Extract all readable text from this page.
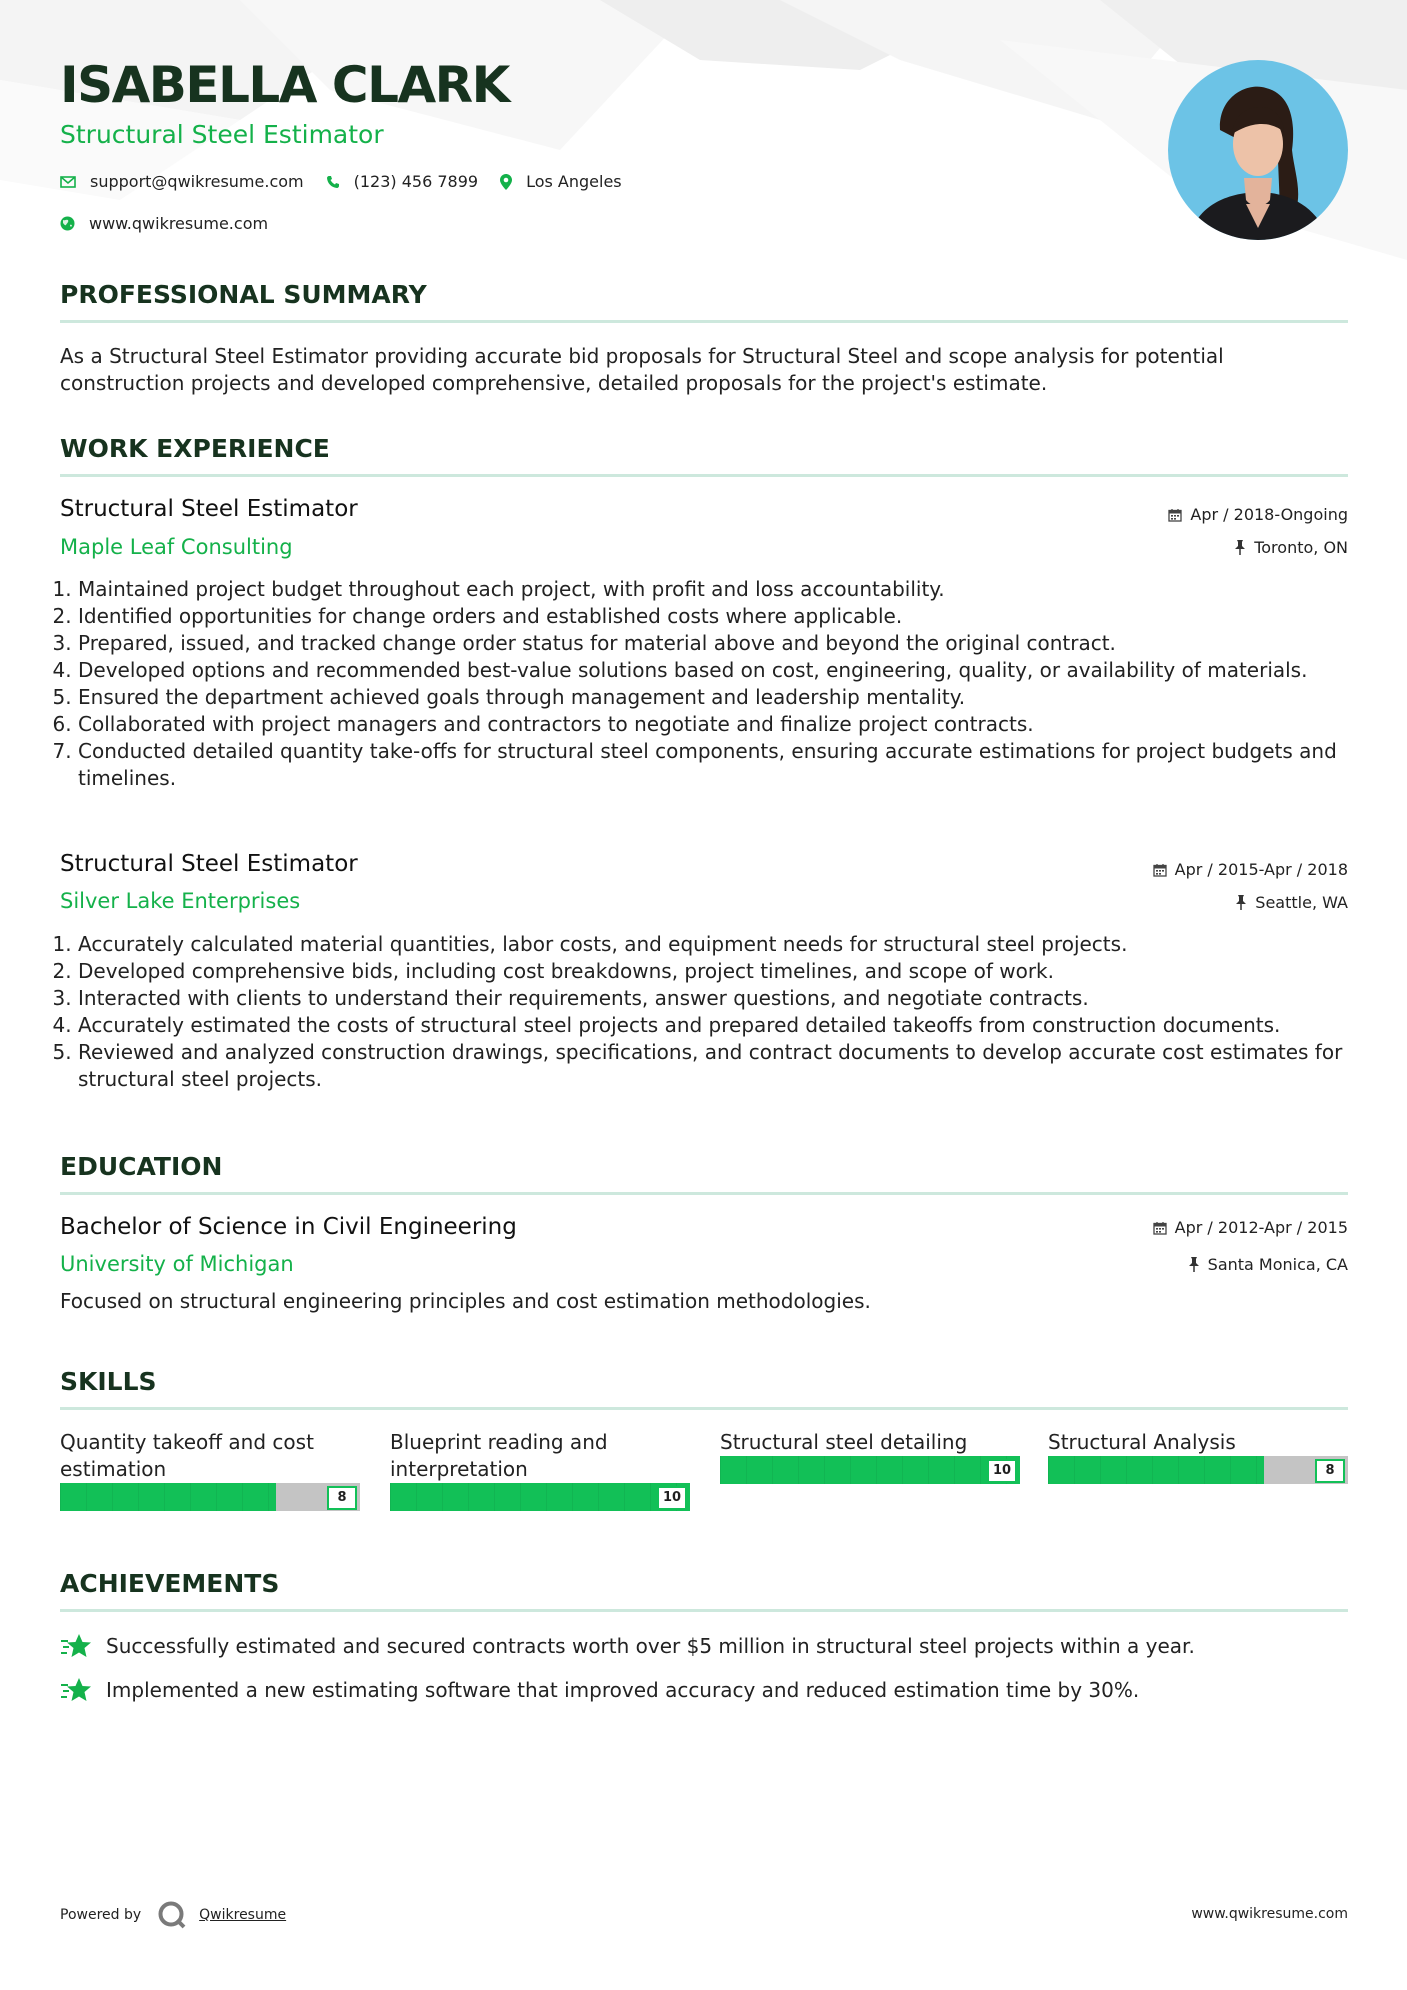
ISABELLA CLARK
Structural Steel Estimator
support@qwikresume.com	(123) 456 7899	Los Angeles
www.qwikresume.com
PROFESSIONAL SUMMARY

As a Structural Steel Estimator providing accurate bid proposals for Structural Steel and scope analysis for potential construction projects and developed comprehensive, detailed proposals for the project's estimate.

WORK EXPERIENCE
Structural Steel Estimator
Maple Leaf Consulting
Apr / 2018-Ongoing
Toronto, ON
1. Maintained project budget throughout each project, with profit and loss accountability.
2. Identified opportunities for change orders and established costs where applicable.
3. Prepared, issued, and tracked change order status for material above and beyond the original contract.
4. Developed options and recommended best-value solutions based on cost, engineering, quality, or availability of materials.
5. Ensured the department achieved goals through management and leadership mentality.
6. Collaborated with project managers and contractors to negotiate and finalize project contracts.
7. Conducted detailed quantity take-offs for structural steel components, ensuring accurate estimations for project budgets and timelines.
Structural Steel Estimator
Silver Lake Enterprises
Apr / 2015-Apr / 2018
Seattle, WA
1. Accurately calculated material quantities, labor costs, and equipment needs for structural steel projects.
2. Developed comprehensive bids, including cost breakdowns, project timelines, and scope of work.
3. Interacted with clients to understand their requirements, answer questions, and negotiate contracts.
4. Accurately estimated the costs of structural steel projects and prepared detailed takeoffs from construction documents.
5. Reviewed and analyzed construction drawings, specifications, and contract documents to develop accurate cost estimates for structural steel projects.
EDUCATION
Bachelor of Science in Civil Engineering
University of Michigan
Apr / 2012-Apr / 2015
Santa Monica, CA

Focused on structural engineering principles and cost estimation methodologies.

SKILLS

Quantity takeoff and cost estimation

8

Blueprint reading and interpretation

10

Structural steel detailing

10

Structural Analysis

8
ACHIEVEMENTS
Successfully estimated and secured contracts worth over $5 million in structural steel projects within a year.
Implemented a new estimating software that improved accuracy and reduced estimation time by 30%.
Powered by	Qwikresume	www.qwikresume.com
